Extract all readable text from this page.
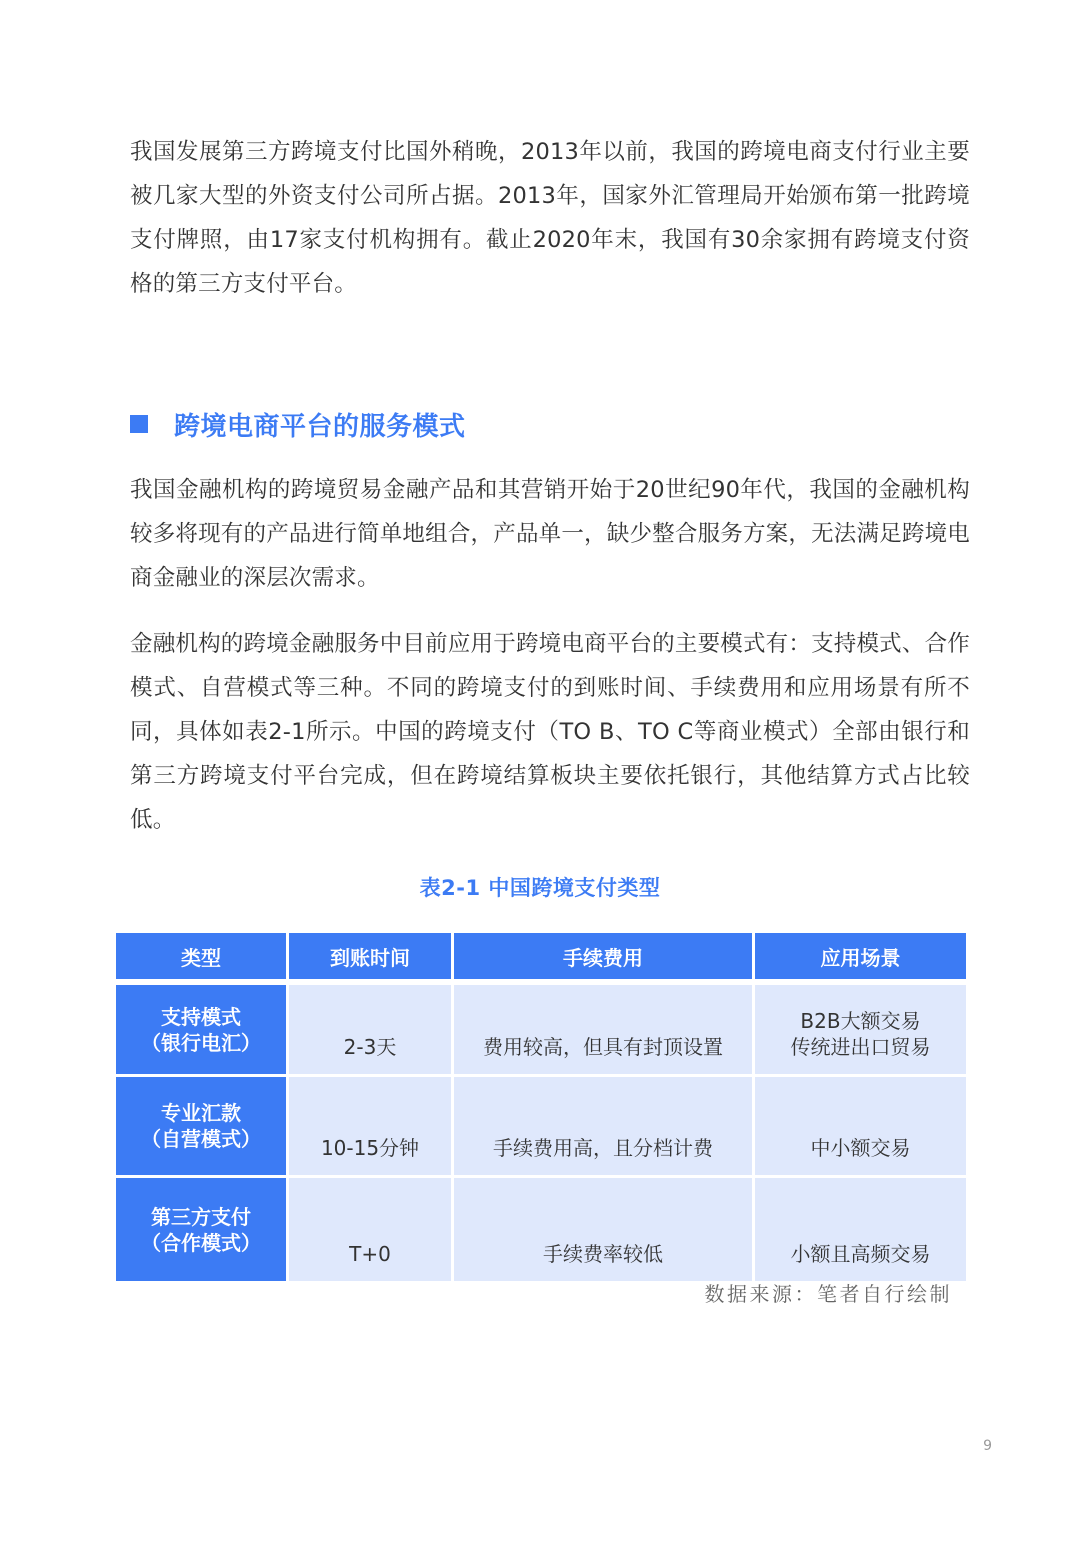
我国发展第三方跨境支付比国外稍晚，2013年以前，我国的跨境电商支付行业主要被几家大型的外资支付公司所占据。2013年，国家外汇管理局开始颁布第一批跨境支付牌照，由17家支付机构拥有。截止2020年末，我国有30余家拥有跨境支付资格的第三方支付平台。

跨境电商平台的服务模式

我国金融机构的跨境贸易金融产品和其营销开始于20世纪90年代，我国的金融机构较多将现有的产品进行简单地组合，产品单一，缺少整合服务方案，无法满足跨境电商金融业的深层次需求。

金融机构的跨境金融服务中目前应用于跨境电商平台的主要模式有：支持模式、合作模式、自营模式等三种。不同的跨境支付的到账时间、手续费用和应用场景有所不同，具体如表2-1所示。中国的跨境支付（TO B、TO C等商业模式）全部由银行和第三方跨境支付平台完成，但在跨境结算板块主要依托银行，其他结算方式占比较低。

表2-1 中国跨境支付类型
类型	到账时间	手续费用	应用场景

支持模式
（银行电汇）	2-3天	费用较高，但具有封顶设置	B2B大额交易
传统进出口贸易

专业汇款
（自营模式）	10-15分钟	手续费用高，且分档计费	中小额交易

第三方支付
（合作模式）	T+0	手续费率较低	小额且高频交易
数据来源：笔者自行绘制
9
